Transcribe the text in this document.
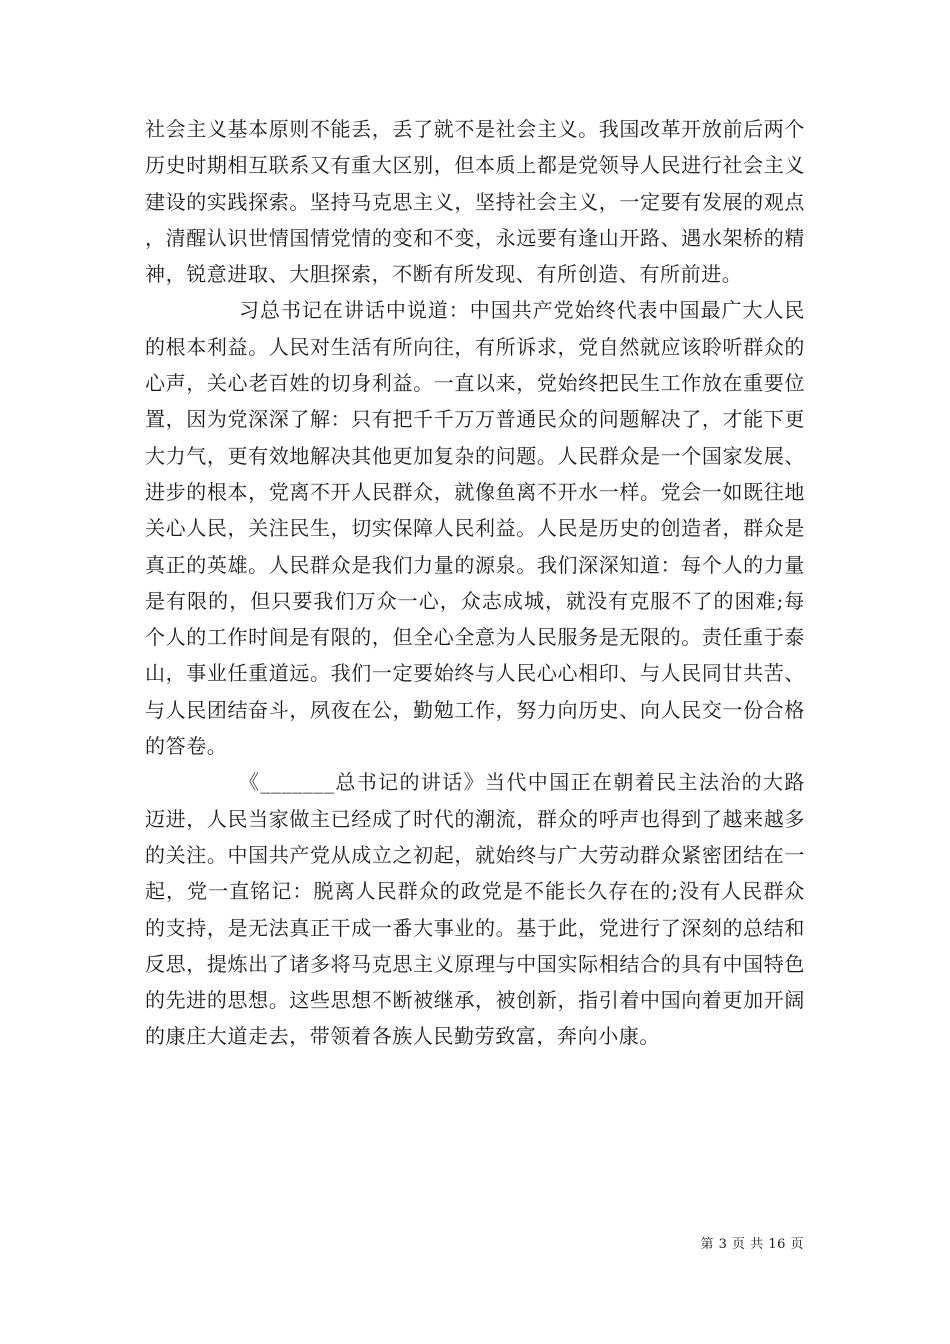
社会主义基本原则不能丢，丢了就不是社会主义。我国改革开放前后两个历史时期相互联系又有重大区别，但本质上都是党领导人民进行社会主义建设的实践探索。坚持马克思主义，坚持社会主义，一定要有发展的观点，清醒认识世情国情党情的变和不变，永远要有逢山开路、遇水架桥的精神，锐意进取、大胆探索，不断有所发现、有所创造、有所前进。

习总书记在讲话中说道：中国共产党始终代表中国最广大人民的根本利益。人民对生活有所向往，有所诉求，党自然就应该聆听群众的心声，关心老百姓的切身利益。一直以来，党始终把民生工作放在重要位置，因为党深深了解：只有把千千万万普通民众的问题解决了，才能下更大力气，更有效地解决其他更加复杂的问题。人民群众是一个国家发展、进步的根本，党离不开人民群众，就像鱼离不开水一样。党会一如既往地关心人民，关注民生，切实保障人民利益。人民是历史的创造者，群众是真正的英雄。人民群众是我们力量的源泉。我们深深知道：每个人的力量是有限的，但只要我们万众一心，众志成城，就没有克服不了的困难;每个人的工作时间是有限的，但全心全意为人民服务是无限的。责任重于泰山，事业任重道远。我们一定要始终与人民心心相印、与人民同甘共苦、与人民团结奋斗，夙夜在公，勤勉工作，努力向历史、向人民交一份合格的答卷。

《_______总书记的讲话》当代中国正在朝着民主法治的大路迈进，人民当家做主已经成了时代的潮流，群众的呼声也得到了越来越多的关注。中国共产党从成立之初起，就始终与广大劳动群众紧密团结在一起，党一直铭记：脱离人民群众的政党是不能长久存在的;没有人民群众的支持，是无法真正干成一番大事业的。基于此，党进行了深刻的总结和反思，提炼出了诸多将马克思主义原理与中国实际相结合的具有中国特色的先进的思想。这些思想不断被继承，被创新，指引着中国向着更加开阔的康庄大道走去，带领着各族人民勤劳致富，奔向小康。

第 3 页 共 16 页
